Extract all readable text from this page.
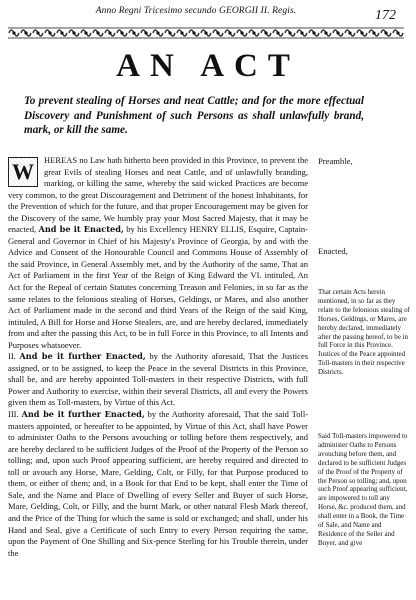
Anno Regni Tricesimo secundo GEORGII II. Regis.	172
AN ACT
To prevent stealing of Horses and neat Cattle; and for the more effectual Discovery and Punishment of such Persons as shall unlawfully brand, mark, or kill the same.

W	HEREAS no Law hath hitherto been provided in this Province, to prevent the great Evils of stealing Horses and neat Cattle, and of unlawfully branding, marking, or killing the same, whereby the said wicked Practices are become very common, to the great Discouragement and Detriment of the honest Inhabitants, for the Prevention of which for the future, and that proper Encouragement may be given for the Discovery of the same, We humbly pray your Most Sacred Majesty, that it may be enacted, And be it Enacted, by his Excellency HENRY ELLIS, Esquire, Captain-General and Governor in Chief of his Majesty's Province of Georgia, by and with the Advice and Consent of the Honourable Council and Commons House of Assembly of the said Province, in General Assembly met, and by the Authority of the same, That an Act of Parliament in the first Year of the Reign of King Edward the VI. intituled, An Act for the Repeal of certain Statutes concerning Treason and Felonies, in so far as the same relates to the felonious stealing of Horses, Geldings, or Mares, and also another Act of Parliament made in the second and third Years of the Reign of the said King, intituled, A Bill for Horse and Horse Stealers, are, and are hereby declared, immediately from and after the passing this Act, to be in full Force in this Province, to all Intents and Purposes whatsoever.

II. And be it further Enacted, by the Authority aforesaid, That the Justices assigned, or to be assigned, to keep the Peace in the several Districts in this Province, shall be, and are hereby appointed Toll-masters in their respective Districts, with full Power and Authority to exercise, within their several Districts, all and every the Powers given them as Toll-masters, by Virtue of this Act.

III. And be it further Enacted, by the Authority aforesaid, That the said Toll-masters appointed, or hereafter to be appointed, by Virtue of this Act, shall have Power to administer Oaths to the Persons avouching or tolling before them respectively, and are hereby declared to be sufficient Judges of the Proof of the Property of the Person so tolling; and, upon such Proof appearing sufficient, are hereby required and directed to toll or avouch any Horse, Mare, Gelding, Colt, or Filly, for that Purpose produced to them, or either of them; and, in a Book for that End to be kept, shall enter the Time of Sale, and the Name and Place of Dwelling of every Seller and Buyer of such Horse, Mare, Gelding, Colt, or Filly, and the burnt Mark, or other natural Flesh Mark thereof, and the Price of the Thing for which the same is sold or exchanged; and shall, under his Hand and Seal, give a Certificate of such Entry to every Person requiring the same, upon the Payment of One Shilling and Six-pence Sterling for his Trouble therein, under the

Preamble,
Enacted,
That certain Acts herein mentioned, in so far as they relate to the felonious stealing of Horses, Geldings, or Mares, are hereby declared, immediately after the passing hereof, to be in full Force in this Province. Justices of the Peace appointed Toll-masters in their respective Districts.
Said Toll-masters impowered to administer Oaths to Persons avouching before them, and declared to be sufficient Judges of the Proof of the Property of the Person so tolling; and, upon such Proof appearing sufficient, are impowered to toll any Horse, &c. produced them, and shall enter in a Book, the Time of Sale, and Name and Residence of the Seller and Buyer, and give
